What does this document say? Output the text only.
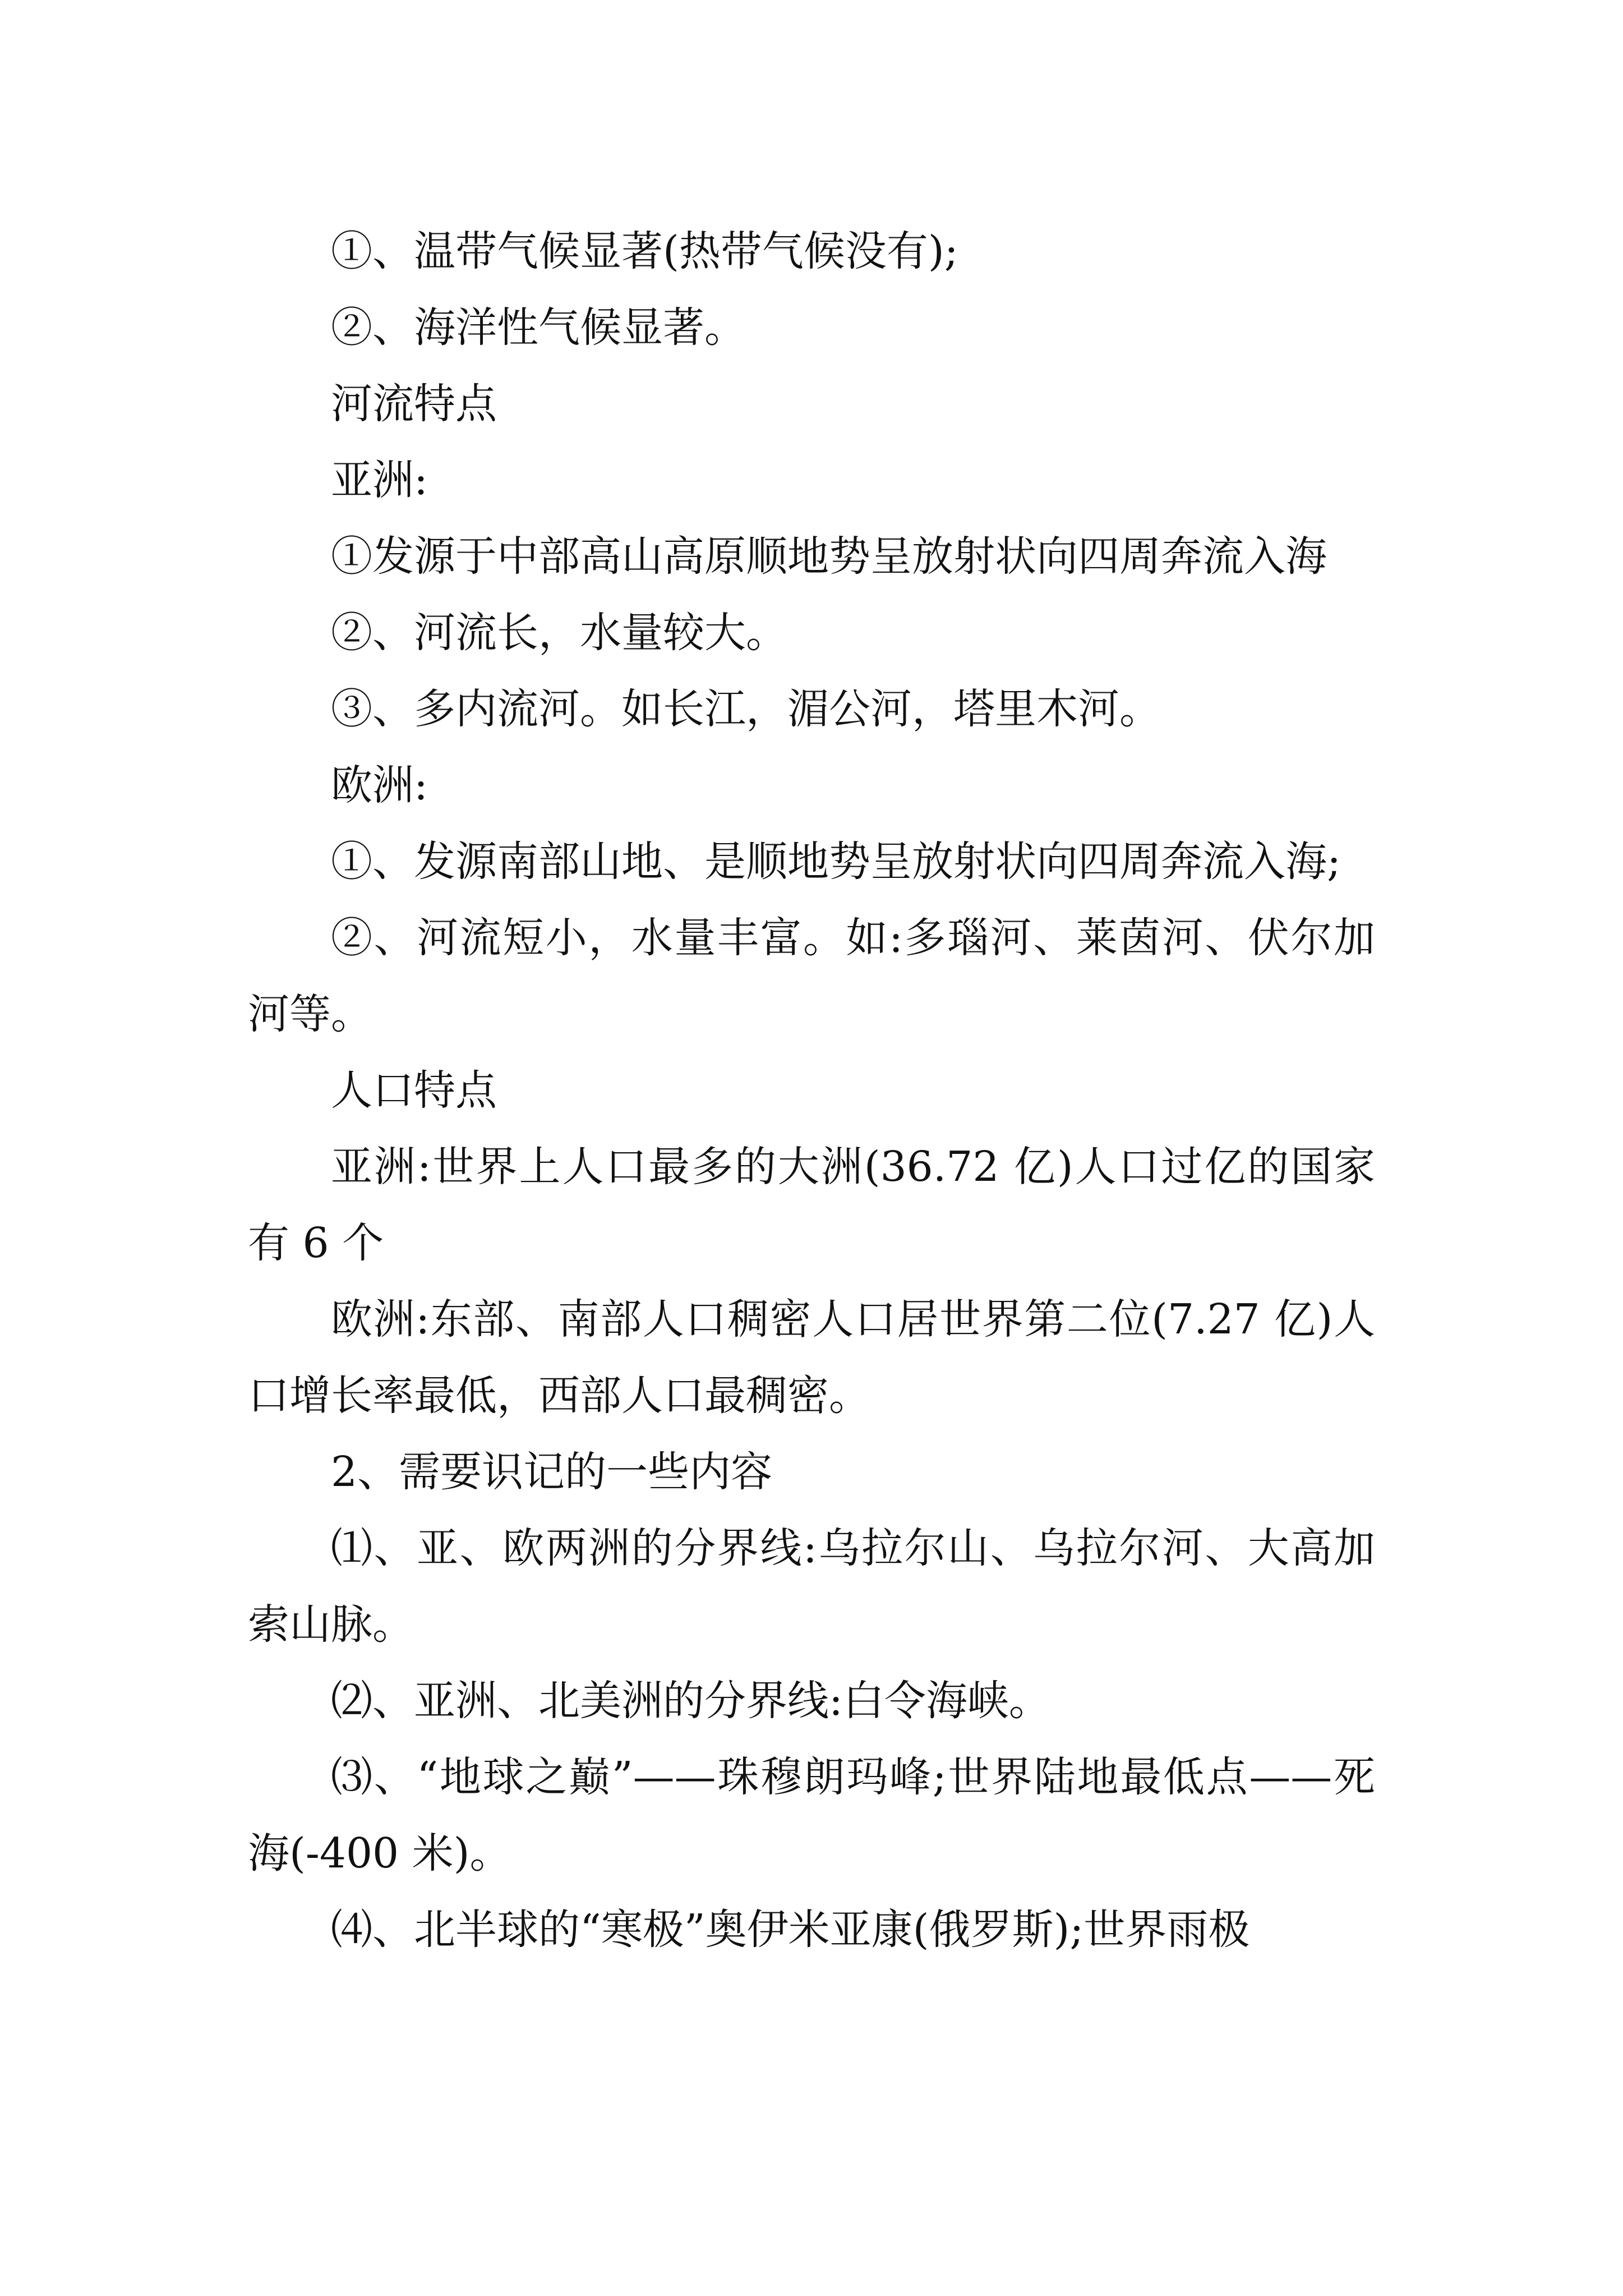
①、温带气候显著(热带气候没有);

②、海洋性气候显著。

河流特点

亚洲:

①发源于中部高山高原顺地势呈放射状向四周奔流入海

②、河流长，水量较大。

③、多内流河。如长江，湄公河，塔里木河。

欧洲:

①、发源南部山地、是顺地势呈放射状向四周奔流入海;

②、河流短小，水量丰富。如:多瑙河、莱茵河、伏尔加河等。

人口特点

亚洲:世界上人口最多的大洲(36.72 亿)人口过亿的国家有 6 个

欧洲:东部、南部人口稠密人口居世界第二位(7.27 亿)人口增长率最低，西部人口最稠密。

2、需要识记的一些内容

⑴、亚、欧两洲的分界线:乌拉尔山、乌拉尔河、大高加索山脉。

⑵、亚洲、北美洲的分界线:白令海峡。

⑶、“地球之巅”——珠穆朗玛峰;世界陆地最低点——死海(-400 米)。

⑷、北半球的“寒极”奥伊米亚康(俄罗斯);世界雨极
